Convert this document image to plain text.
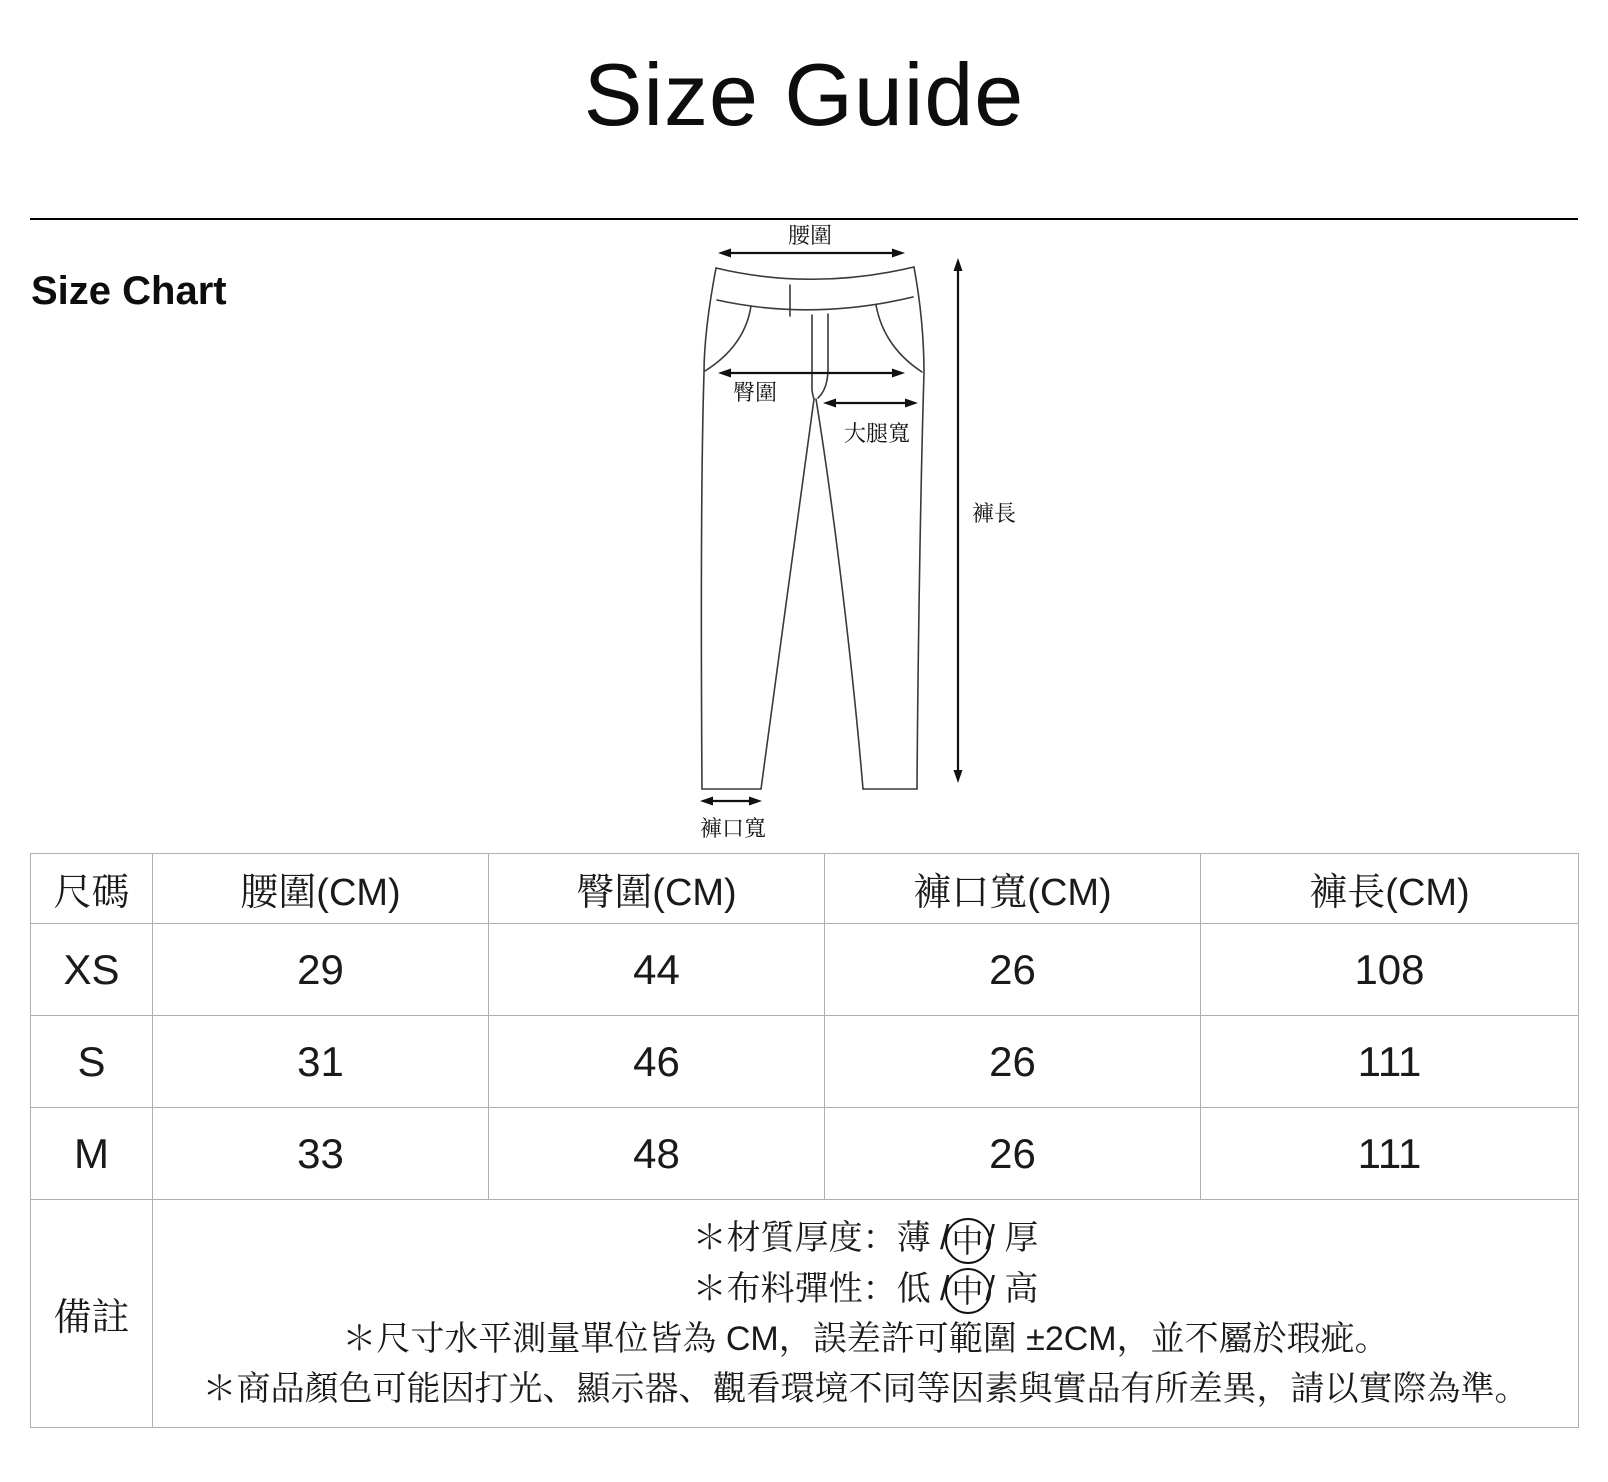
Size Guide
Size Chart
腰圍
臀圍
大腿寬
褲長
褲口寬
尺碼	腰圍(CM)	臀圍(CM)	褲口寬(CM)	褲長(CM)
XS	29	44	26	108
S	31	46	26	111
M	33	48	26	111
備註	＊材質厚度：薄 /中/ 厚
＊布料彈性：低 /中/ 高
＊尺寸水平測量單位皆為 CM，誤差許可範圍 ±2CM，並不屬於瑕疵。
＊商品顏色可能因打光、顯示器、觀看環境不同等因素與實品有所差異，請以實際為準。			
